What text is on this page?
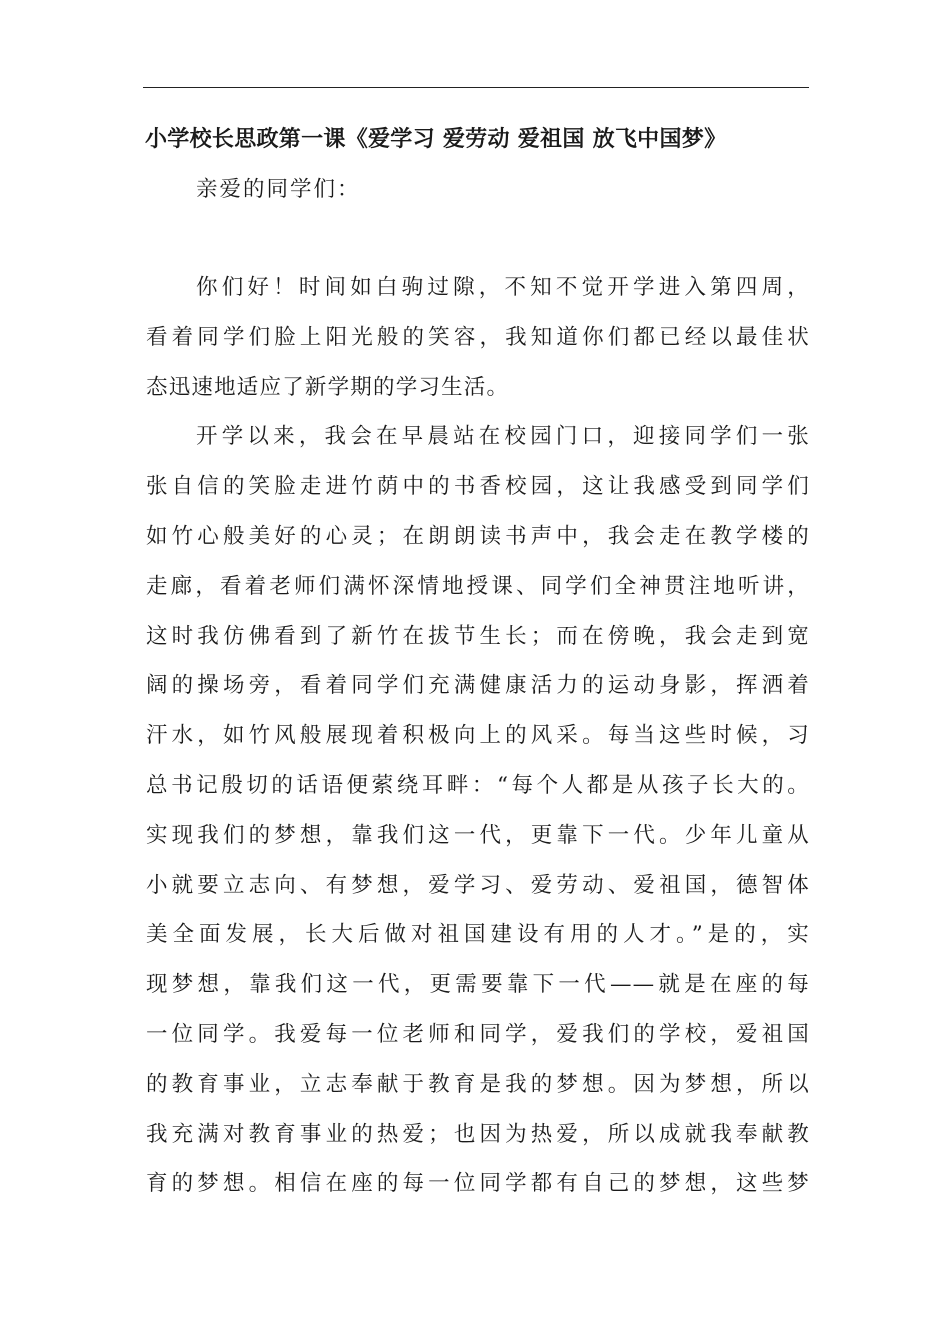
小学校长思政第一课《爱学习 爱劳动 爱祖国 放飞中国梦》
亲爱的同学们：
你们好！时间如白驹过隙，不知不觉开学进入第四周，
看着同学们脸上阳光般的笑容，我知道你们都已经以最佳状
态迅速地适应了新学期的学习生活。
开学以来，我会在早晨站在校园门口，迎接同学们一张
张自信的笑脸走进竹荫中的书香校园，这让我感受到同学们
如竹心般美好的心灵；在朗朗读书声中，我会走在教学楼的
走廊，看着老师们满怀深情地授课、同学们全神贯注地听讲，
这时我仿佛看到了新竹在拔节生长；而在傍晚，我会走到宽
阔的操场旁，看着同学们充满健康活力的运动身影，挥洒着
汗水，如竹风般展现着积极向上的风采。每当这些时候，习
总书记殷切的话语便萦绕耳畔：“每个人都是从孩子长大的。
实现我们的梦想，靠我们这一代，更靠下一代。少年儿童从
小就要立志向、有梦想，爱学习、爱劳动、爱祖国，德智体
美全面发展，长大后做对祖国建设有用的人才。”是的，实
现梦想，靠我们这一代，更需要靠下一代——就是在座的每
一位同学。我爱每一位老师和同学，爱我们的学校，爱祖国
的教育事业，立志奉献于教育是我的梦想。因为梦想，所以
我充满对教育事业的热爱；也因为热爱，所以成就我奉献教
育的梦想。相信在座的每一位同学都有自己的梦想，这些梦
